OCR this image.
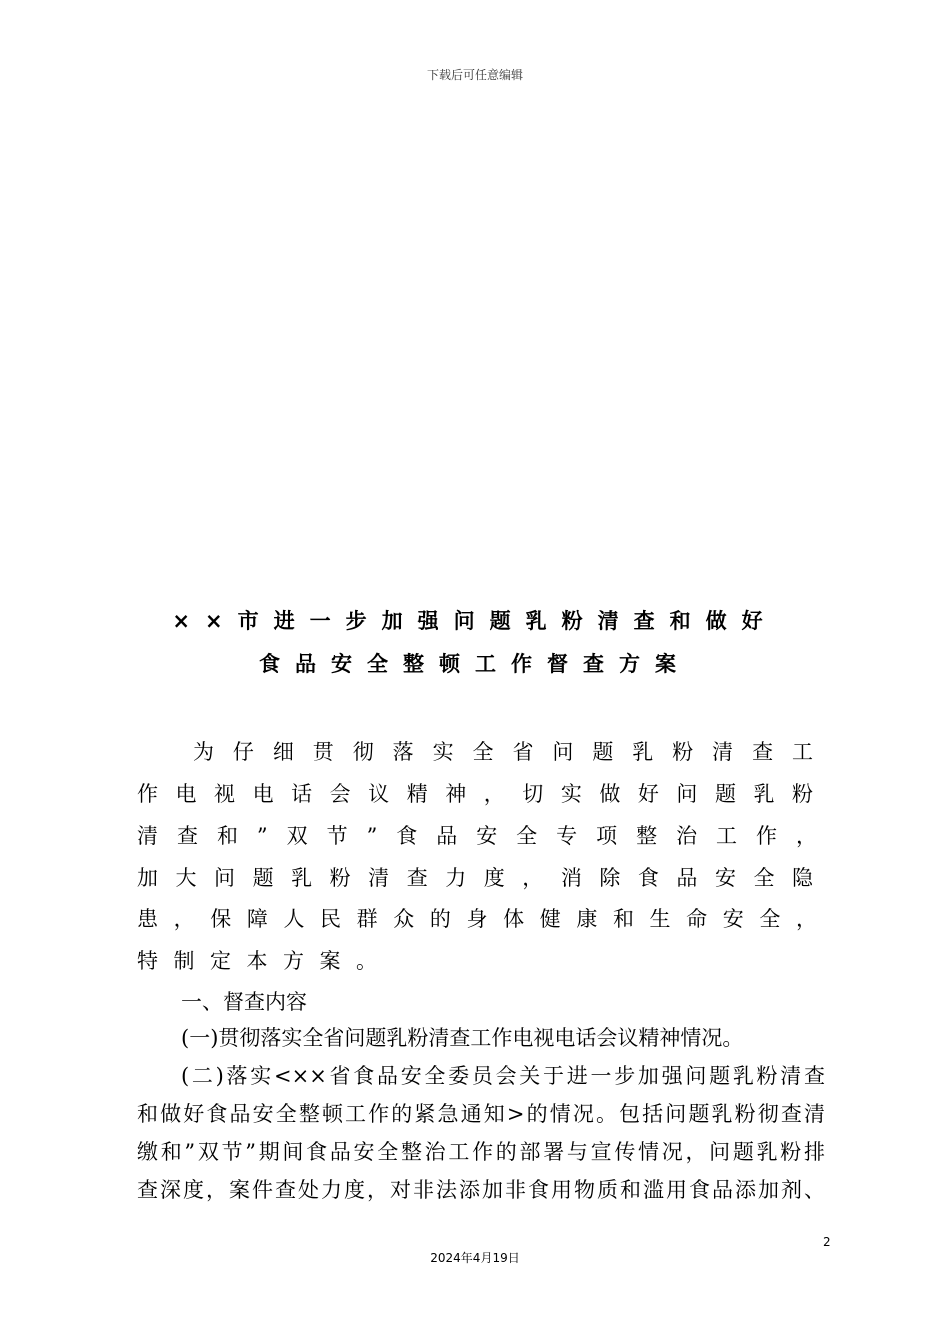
下载后可任意编辑
××市进一步加强问题乳粉清查和做好
食品安全整顿工作督查方案
为仔细贯彻落实全省问题乳粉清查工
作电视电话会议精神，切实做好问题乳粉
清查和”双节”食品安全专项整治工作，
加大问题乳粉清查力度，消除食品安全隐
患，保障人民群众的身体健康和生命安全，
特制定本方案。
一、督查内容
(一)贯彻落实全省问题乳粉清查工作电视电话会议精神情况。
(二)落实<××省食品安全委员会关于进一步加强问题乳粉清查
和做好食品安全整顿工作的紧急通知>的情况。包括问题乳粉彻查清
缴和”双节”期间食品安全整治工作的部署与宣传情况，问题乳粉排
查深度，案件查处力度，对非法添加非食用物质和滥用食品添加剂、
2
2024年4月19日
